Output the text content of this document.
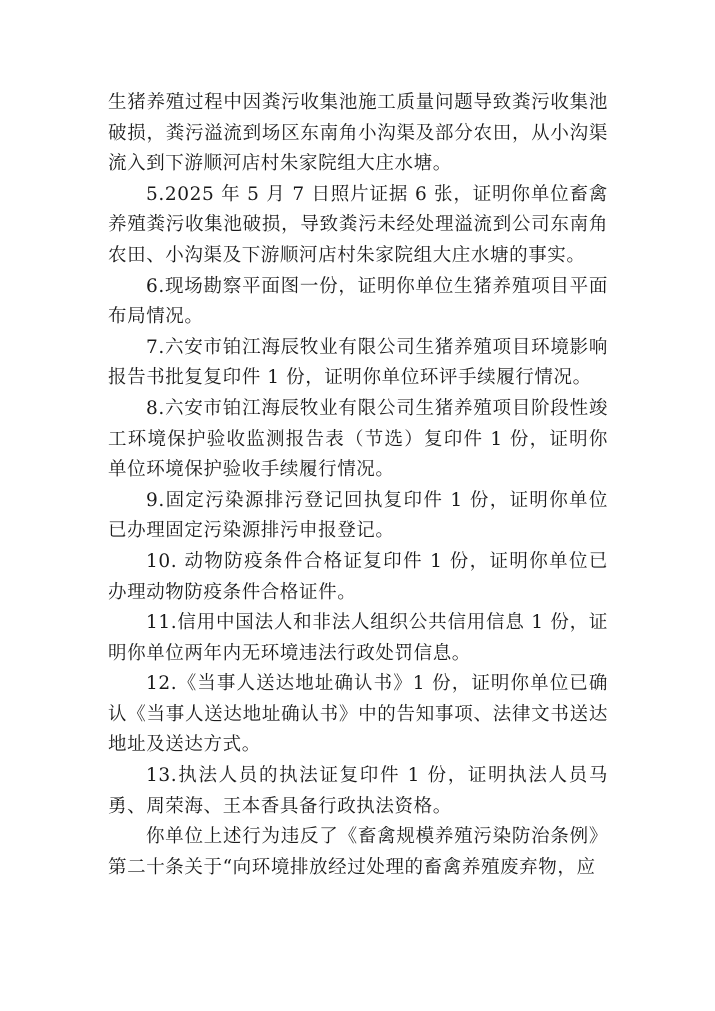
生猪养殖过程中因粪污收集池施工质量问题导致粪污收集池破损，粪污溢流到场区东南角小沟渠及部分农田，从小沟渠流入到下游顺河店村朱家院组大庄水塘。

5.2025 年 5 月 7 日照片证据 6 张，证明你单位畜禽养殖粪污收集池破损，导致粪污未经处理溢流到公司东南角农田、小沟渠及下游顺河店村朱家院组大庄水塘的事实。

6.现场勘察平面图一份，证明你单位生猪养殖项目平面布局情况。

7.六安市铂江海辰牧业有限公司生猪养殖项目环境影响报告书批复复印件 1 份，证明你单位环评手续履行情况。

8.六安市铂江海辰牧业有限公司生猪养殖项目阶段性竣工环境保护验收监测报告表（节选）复印件 1 份，证明你单位环境保护验收手续履行情况。

9.固定污染源排污登记回执复印件 1 份，证明你单位已办理固定污染源排污申报登记。

10. 动物防疫条件合格证复印件 1 份，证明你单位已办理动物防疫条件合格证件。

11.信用中国法人和非法人组织公共信用信息 1 份，证明你单位两年内无环境违法行政处罚信息。

12.《当事人送达地址确认书》1 份，证明你单位已确认《当事人送达地址确认书》中的告知事项、法律文书送达地址及送达方式。

13.执法人员的执法证复印件 1 份，证明执法人员马勇、周荣海、王本香具备行政执法资格。

你单位上述行为违反了《畜禽规模养殖污染防治条例》第二十条关于“向环境排放经过处理的畜禽养殖废弃物，应
